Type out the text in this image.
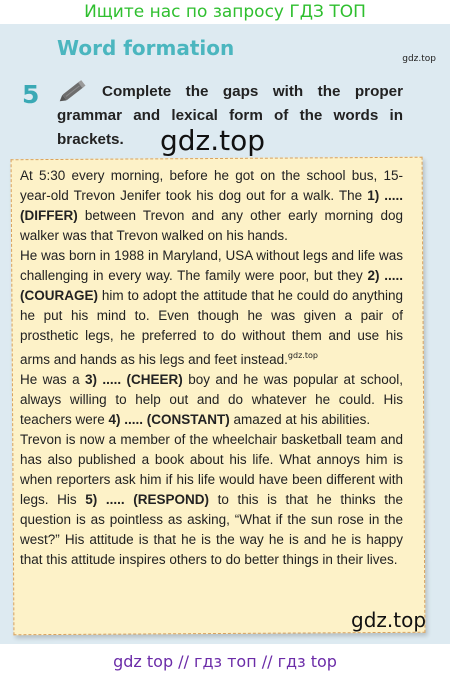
Ищите нас по запросу ГДЗ ТОП
Word formation	gdz.top
5	Complete the gaps with the proper grammar and lexical form of the words in brackets.	gdz.top

At 5:30 every morning, before he got on the school bus, 15-year-old Trevon Jenifer took his dog out for a walk. The 1) ..... (DIFFER) between Trevon and any other early morning dog walker was that Trevon walked on his hands.

He was born in 1988 in Maryland, USA without legs and life was challenging in every way. The family were poor, but they 2) ..... (COURAGE) him to adopt the attitude that he could do anything he put his mind to. Even though he was given a pair of prosthetic legs, he preferred to do without them and use his arms and hands as his legs and feet instead.$^{gdz.top}$

He was a 3) ..... (CHEER) boy and he was popular at school, always willing to help out and do whatever he could. His teachers were 4) ..... (CONSTANT) amazed at his abilities.

Trevon is now a member of the wheelchair basketball team and has also published a book about his life. What annoys him is when reporters ask him if his life would have been different with legs. His 5) ..... (RESPOND) to this is that he thinks the question is as pointless as asking, “What if the sun rose in the west?” His attitude is that he is the way he is and he is happy that this attitude inspires others to do better things in their lives.

gdz.top
gdz top // гдз топ // гдз top
